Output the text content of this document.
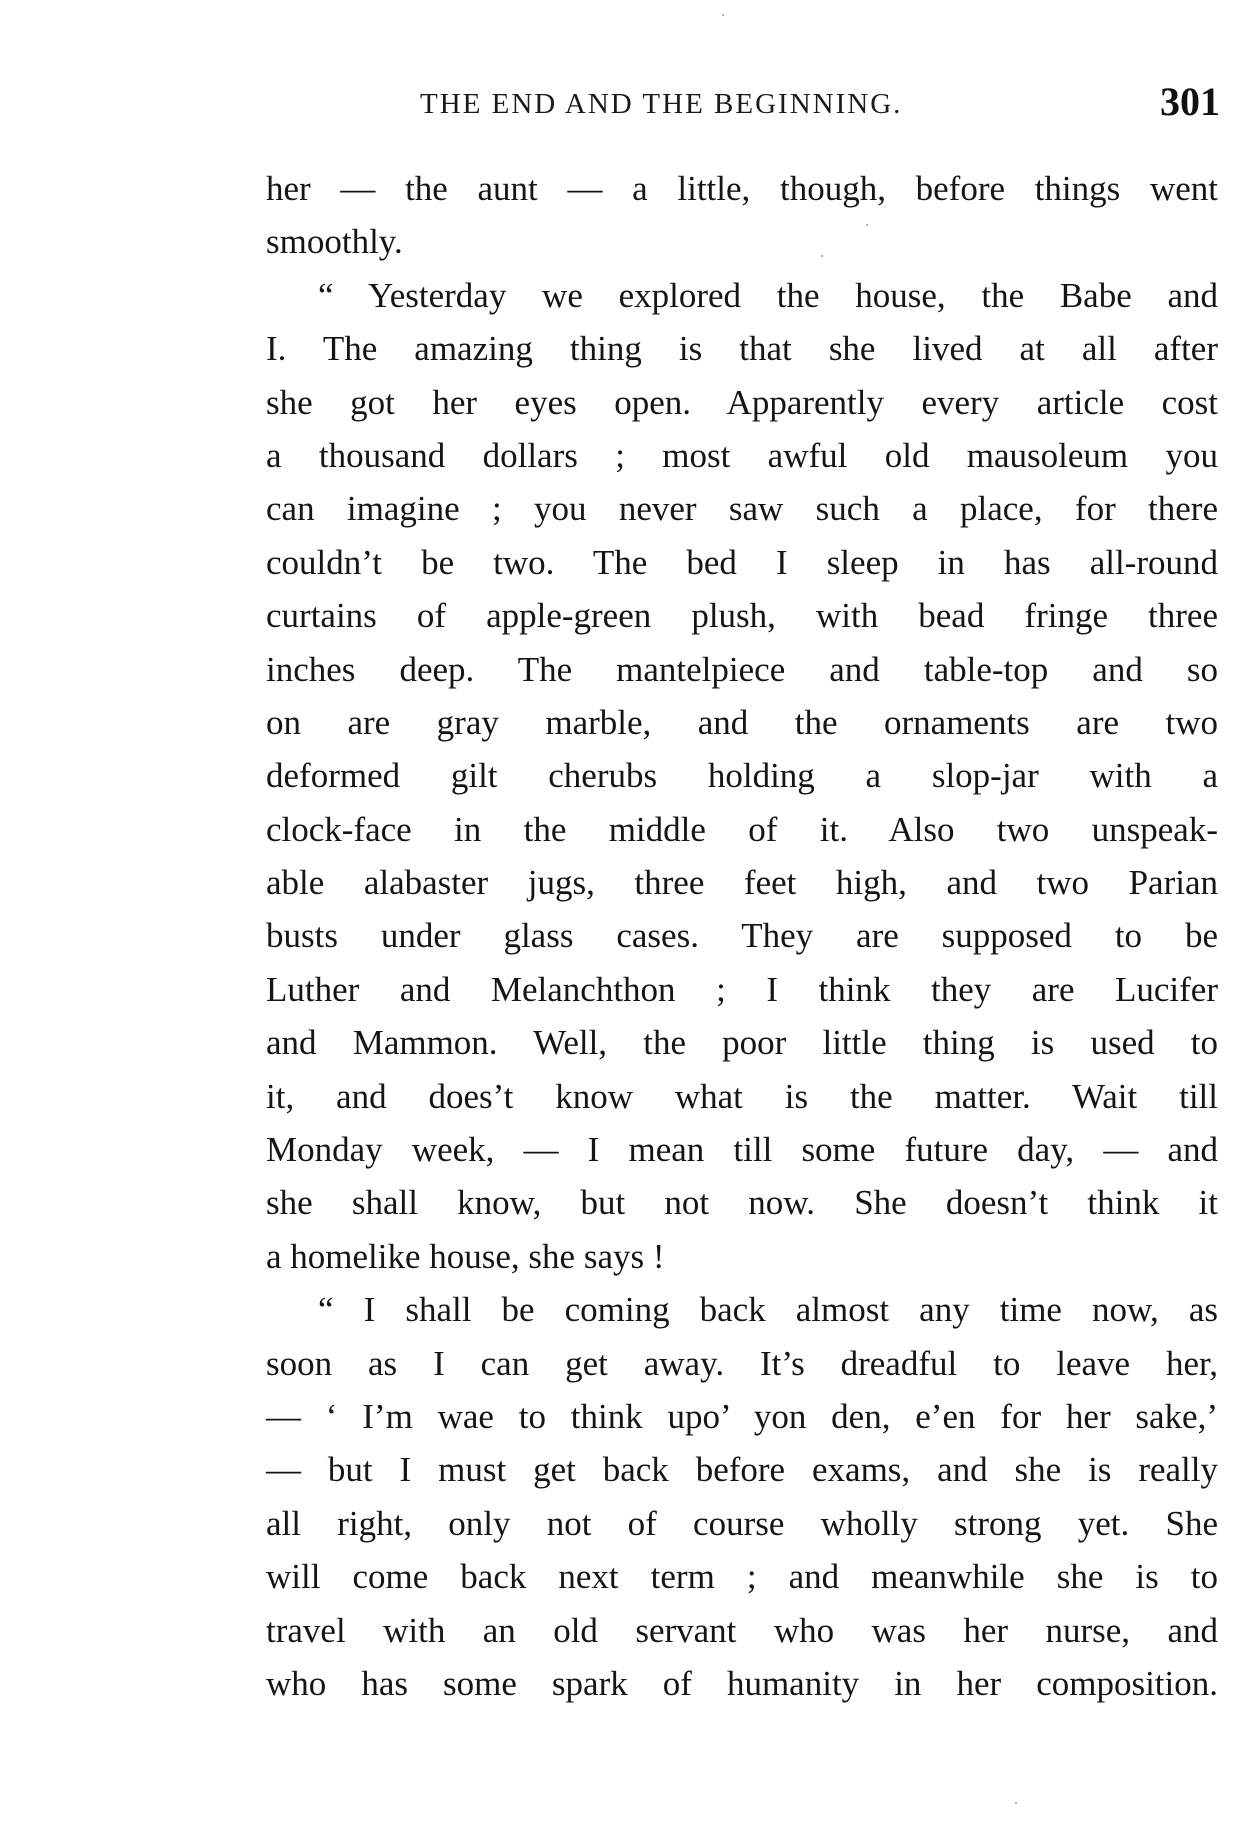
THE END AND THE BEGINNING.	301
her — the aunt — a little, though, before things went
smoothly.
“ Yesterday we explored the house, the Babe and
I. The amazing thing is that she lived at all after
she got her eyes open. Apparently every article cost
a thousand dollars ; most awful old mausoleum you
can imagine ; you never saw such a place, for there
couldn’t be two. The bed I sleep in has all-round
curtains of apple-green plush, with bead fringe three
inches deep. The mantelpiece and table-top and so
on are gray marble, and the ornaments are two
deformed gilt cherubs holding a slop-jar with a
clock-face in the middle of it. Also two unspeak-
able alabaster jugs, three feet high, and two Parian
busts under glass cases. They are supposed to be
Luther and Melanchthon ; I think they are Lucifer
and Mammon. Well, the poor little thing is used to
it, and does’t know what is the matter. Wait till
Monday week, — I mean till some future day, — and
she shall know, but not now. She doesn’t think it
a homelike house, she says !
“ I shall be coming back almost any time now, as
soon as I can get away. It’s dreadful to leave her,
— ‘ I’m wae to think upo’ yon den, e’en for her sake,’
— but I must get back before exams, and she is really
all right, only not of course wholly strong yet. She
will come back next term ; and meanwhile she is to
travel with an old servant who was her nurse, and
who has some spark of humanity in her composition.
